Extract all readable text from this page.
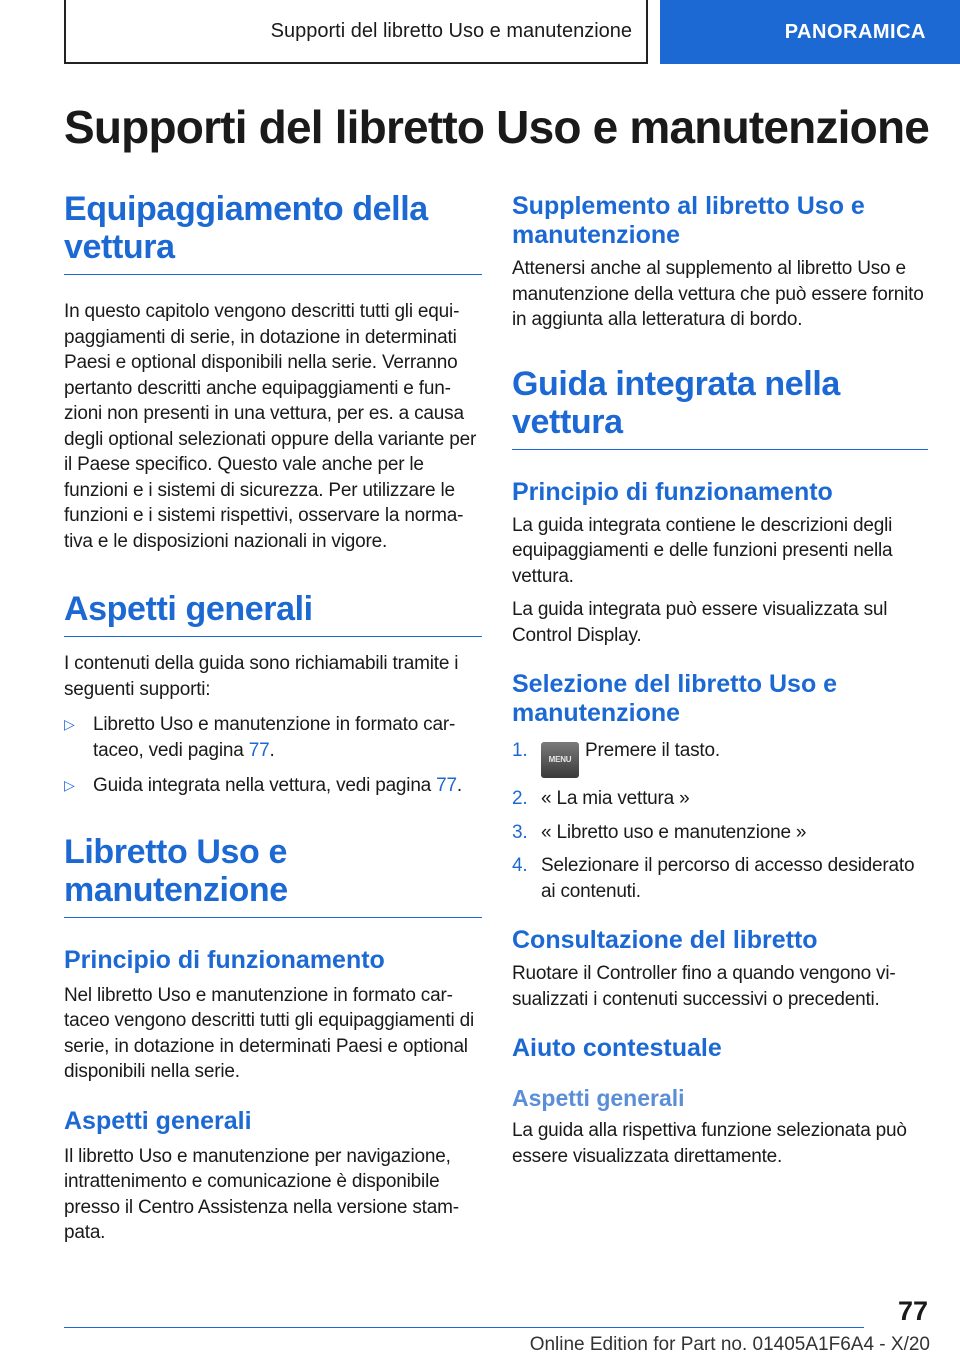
Supporti del libretto Uso e manutenzione	PANORAMICA
Supporti del libretto Uso e manutenzione
Equipaggiamento della vettura

In questo capitolo vengono descritti tutti gli equipaggiamenti di serie, in dotazione in determinati Paesi e optional disponibili nella serie. Verranno pertanto descritti anche equipaggiamenti e funzioni non presenti in una vettura, per es. a causa degli optional selezionati oppure della variante per il Paese specifico. Questo vale anche per le funzioni e i sistemi di sicurezza. Per utilizzare le funzioni e i sistemi rispettivi, osservare la normativa e le disposizioni nazionali in vigore.

Aspetti generali

I contenuti della guida sono richiamabili tramite i seguenti supporti:

▷ Libretto Uso e manutenzione in formato cartaceo, vedi pagina 77.
▷ Guida integrata nella vettura, vedi pagina 77.
Libretto Uso e manutenzione
Principio di funzionamento

Nel libretto Uso e manutenzione in formato cartaceo vengono descritti tutti gli equipaggiamenti di serie, in dotazione in determinati Paesi e optional disponibili nella serie.

Aspetti generali

Il libretto Uso e manutenzione per navigazione, intrattenimento e comunicazione è disponibile presso il Centro Assistenza nella versione stampata.

Supplemento al libretto Uso e manutenzione

Attenersi anche al supplemento al libretto Uso e manutenzione della vettura che può essere fornito in aggiunta alla letteratura di bordo.

Guida integrata nella vettura
Principio di funzionamento

La guida integrata contiene le descrizioni degli equipaggiamenti e delle funzioni presenti nella vettura.

La guida integrata può essere visualizzata sul Control Display.

Selezione del libretto Uso e manutenzione
1.	MENU Premere il tasto.
2. « La mia vettura »
3. « Libretto uso e manutenzione »
4. Selezionare il percorso di accesso desiderato ai contenuti.
Consultazione del libretto

Ruotare il Controller fino a quando vengono visualizzati i contenuti successivi o precedenti.

Aiuto contestuale
Aspetti generali

La guida alla rispettiva funzione selezionata può essere visualizzata direttamente.

77
Online Edition for Part no. 01405A1F6A4 - X/20
